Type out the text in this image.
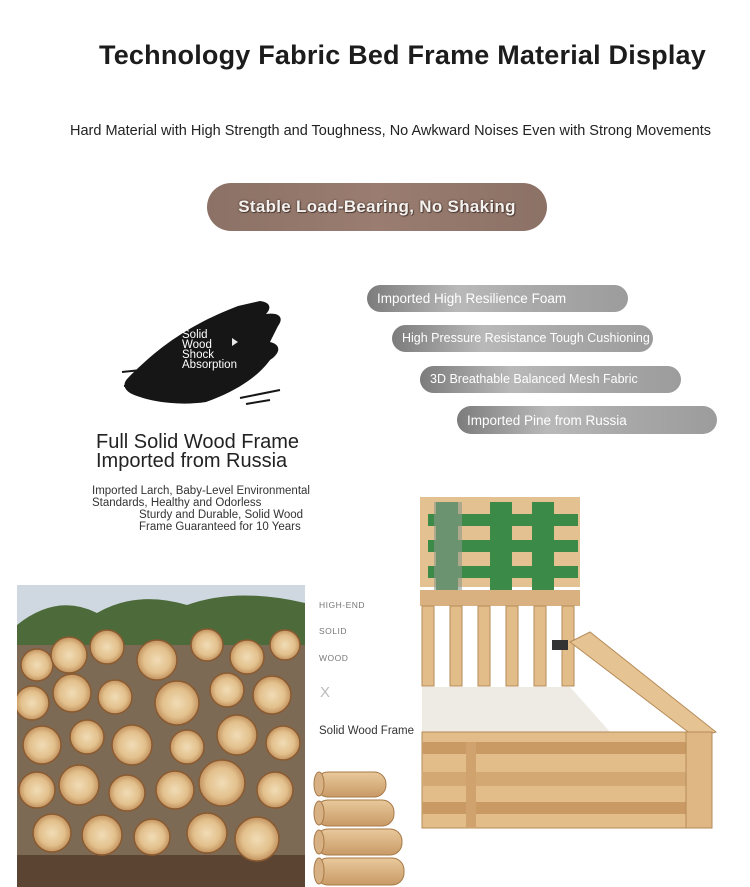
Technology Fabric Bed Frame Material Display
Hard Material with High Strength and Toughness, No Awkward Noises Even with Strong Movements
Stable Load-Bearing, No Shaking
Imported High Resilience Foam
High Pressure Resistance Tough Cushioning
3D Breathable Balanced Mesh Fabric
Imported Pine from Russia
Solid
Wood
Shock
Absorption
Full Solid Wood Frame
Imported from Russia
Imported Larch, Baby-Level Environmental
Standards, Healthy and Odorless
Sturdy and Durable, Solid Wood
Frame Guaranteed for 10 Years
HIGH-END
SOLID
WOOD
X
Solid Wood Frame
